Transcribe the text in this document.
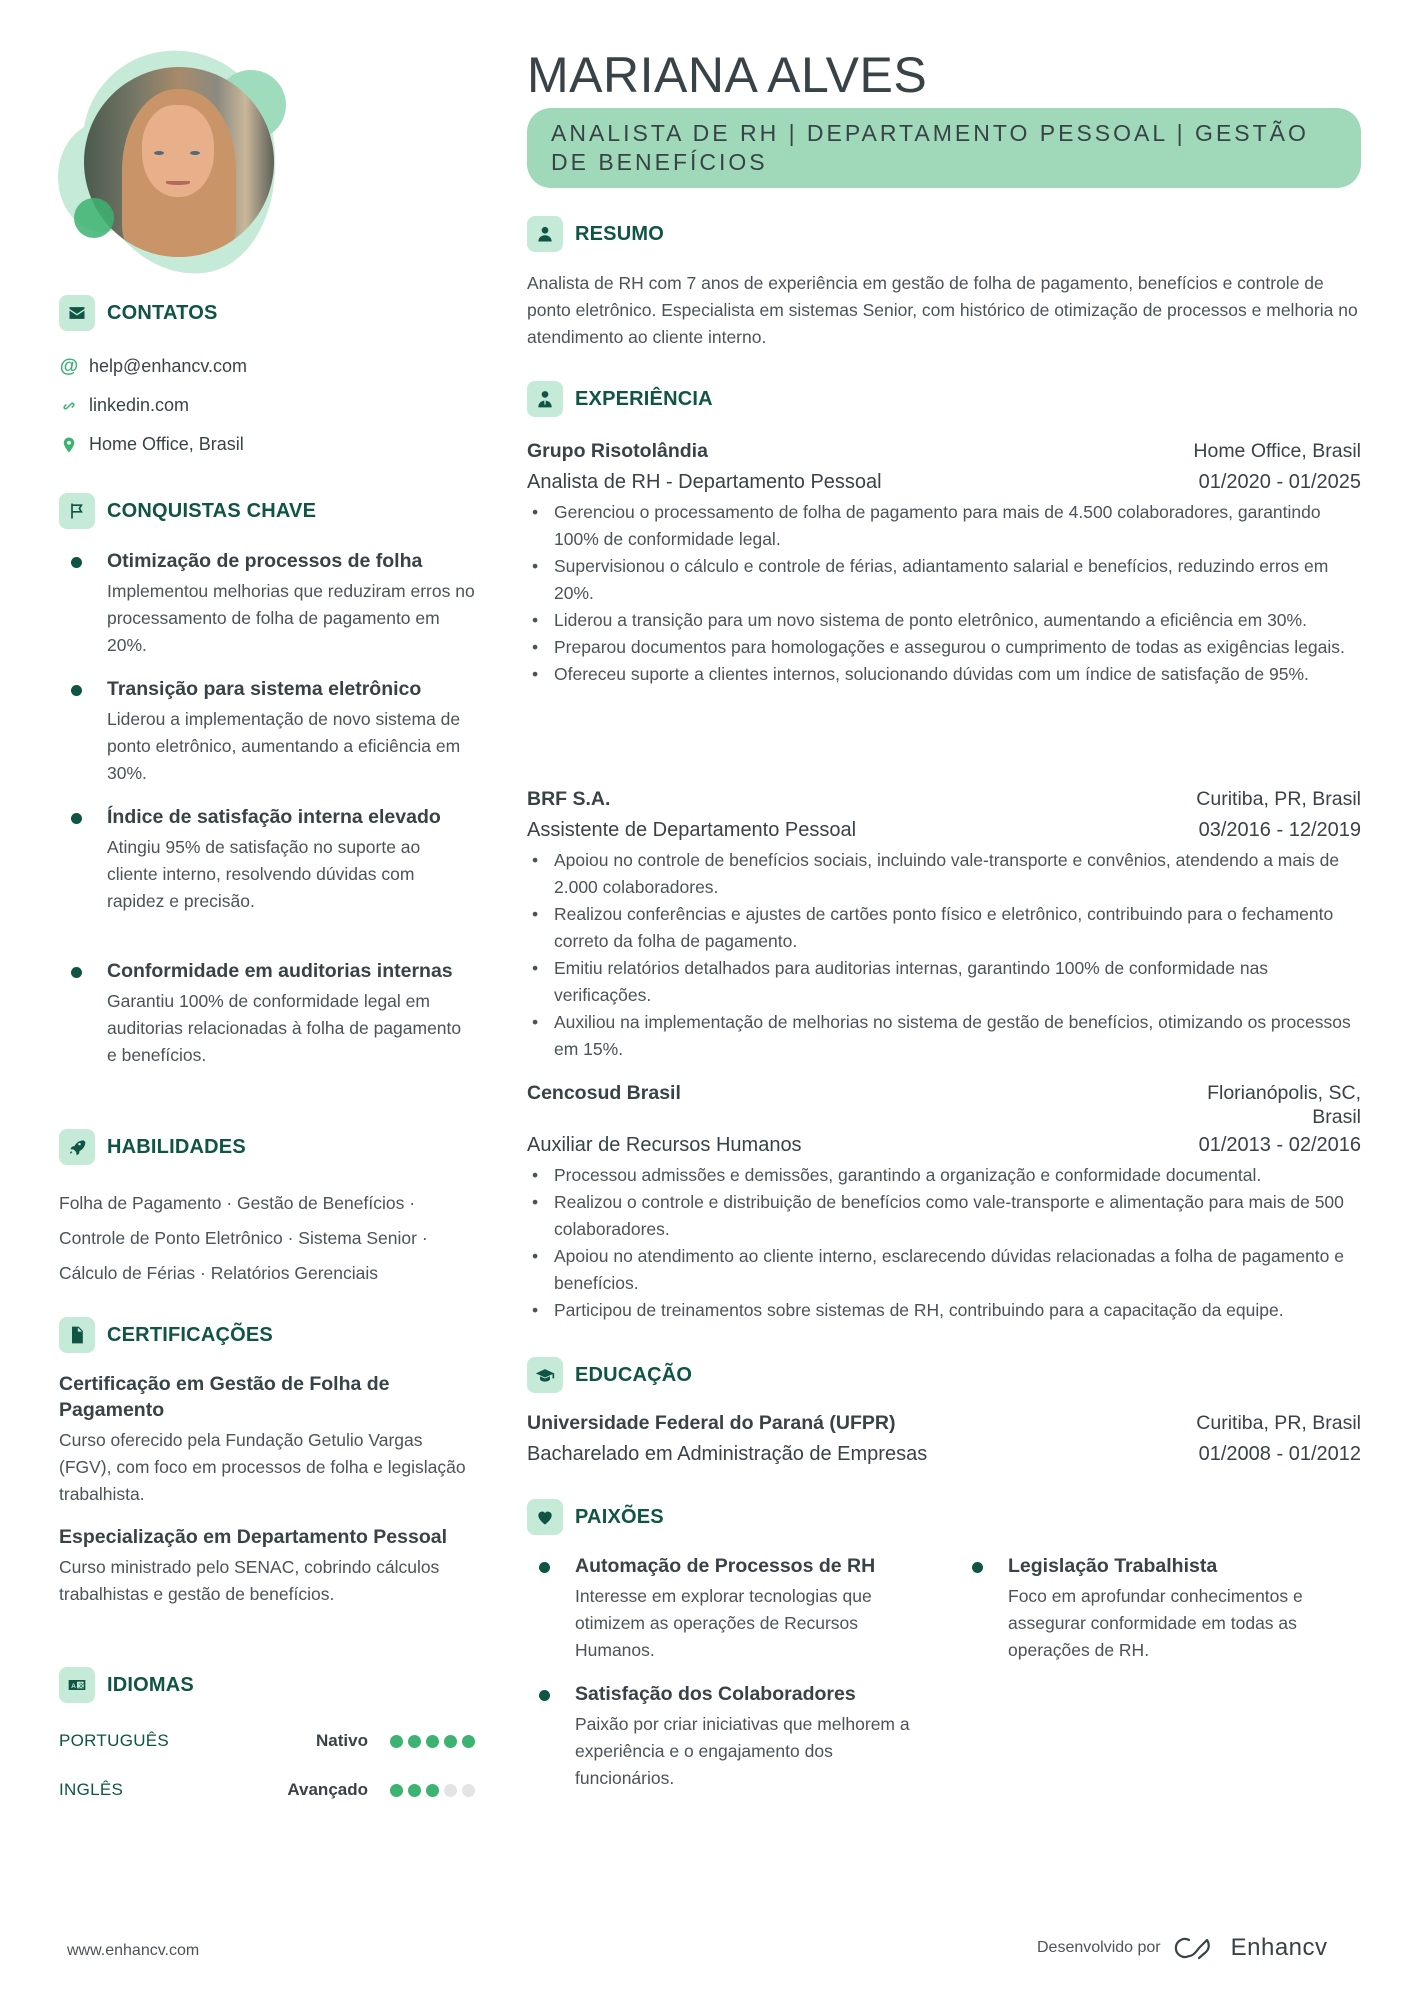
MARIANA ALVES
ANALISTA DE RH | DEPARTAMENTO PESSOAL | GESTÃO DE BENEFÍCIOS
CONTATOS
@ help@enhancv.com
linkedin.com
Home Office, Brasil
CONQUISTAS CHAVE
Otimização de processos de folha
Implementou melhorias que reduziram erros no processamento de folha de pagamento em 20%.
Transição para sistema eletrônico
Liderou a implementação de novo sistema de ponto eletrônico, aumentando a eficiência em 30%.
Índice de satisfação interna elevado
Atingiu 95% de satisfação no suporte ao cliente interno, resolvendo dúvidas com rapidez e precisão.
Conformidade em auditorias internas
Garantiu 100% de conformidade legal em auditorias relacionadas à folha de pagamento e benefícios.
HABILIDADES
Folha de Pagamento · Gestão de Benefícios · Controle de Ponto Eletrônico · Sistema Senior · Cálculo de Férias · Relatórios Gerenciais
CERTIFICAÇÕES
Certificação em Gestão de Folha de Pagamento
Curso oferecido pela Fundação Getulio Vargas (FGV), com foco em processos de folha e legislação trabalhista.
Especialização em Departamento Pessoal
Curso ministrado pelo SENAC, cobrindo cálculos trabalhistas e gestão de benefícios.
A 文 IDIOMAS
PORTUGUÊS	Nativo
INGLÊS	Avançado
RESUMO
Analista de RH com 7 anos de experiência em gestão de folha de pagamento, benefícios e controle de ponto eletrônico. Especialista em sistemas Senior, com histórico de otimização de processos e melhoria no atendimento ao cliente interno.
EXPERIÊNCIA
Grupo Risotolândia	Home Office, Brasil
Analista de RH - Departamento Pessoal	01/2020 - 01/2025
• Gerenciou o processamento de folha de pagamento para mais de 4.500 colaboradores, garantindo 100% de conformidade legal.
• Supervisionou o cálculo e controle de férias, adiantamento salarial e benefícios, reduzindo erros em 20%.
• Liderou a transição para um novo sistema de ponto eletrônico, aumentando a eficiência em 30%.
• Preparou documentos para homologações e assegurou o cumprimento de todas as exigências legais.
• Ofereceu suporte a clientes internos, solucionando dúvidas com um índice de satisfação de 95%.
BRF S.A.	Curitiba, PR, Brasil
Assistente de Departamento Pessoal	03/2016 - 12/2019
• Apoiou no controle de benefícios sociais, incluindo vale-transporte e convênios, atendendo a mais de 2.000 colaboradores.
• Realizou conferências e ajustes de cartões ponto físico e eletrônico, contribuindo para o fechamento correto da folha de pagamento.
• Emitiu relatórios detalhados para auditorias internas, garantindo 100% de conformidade nas verificações.
• Auxiliou na implementação de melhorias no sistema de gestão de benefícios, otimizando os processos em 15%.
Cencosud Brasil	Florianópolis, SC, Brasil
Auxiliar de Recursos Humanos	01/2013 - 02/2016
• Processou admissões e demissões, garantindo a organização e conformidade documental.
• Realizou o controle e distribuição de benefícios como vale-transporte e alimentação para mais de 500 colaboradores.
• Apoiou no atendimento ao cliente interno, esclarecendo dúvidas relacionadas a folha de pagamento e benefícios.
• Participou de treinamentos sobre sistemas de RH, contribuindo para a capacitação da equipe.
EDUCAÇÃO
Universidade Federal do Paraná (UFPR)	Curitiba, PR, Brasil
Bacharelado em Administração de Empresas	01/2008 - 01/2012
PAIXÕES
Automação de Processos de RH
Interesse em explorar tecnologias que otimizem as operações de Recursos Humanos.
Legislação Trabalhista
Foco em aprofundar conhecimentos e assegurar conformidade em todas as operações de RH.
Satisfação dos Colaboradores
Paixão por criar iniciativas que melhorem a experiência e o engajamento dos funcionários.
www.enhancv.com	Desenvolvido por	Enhancv
